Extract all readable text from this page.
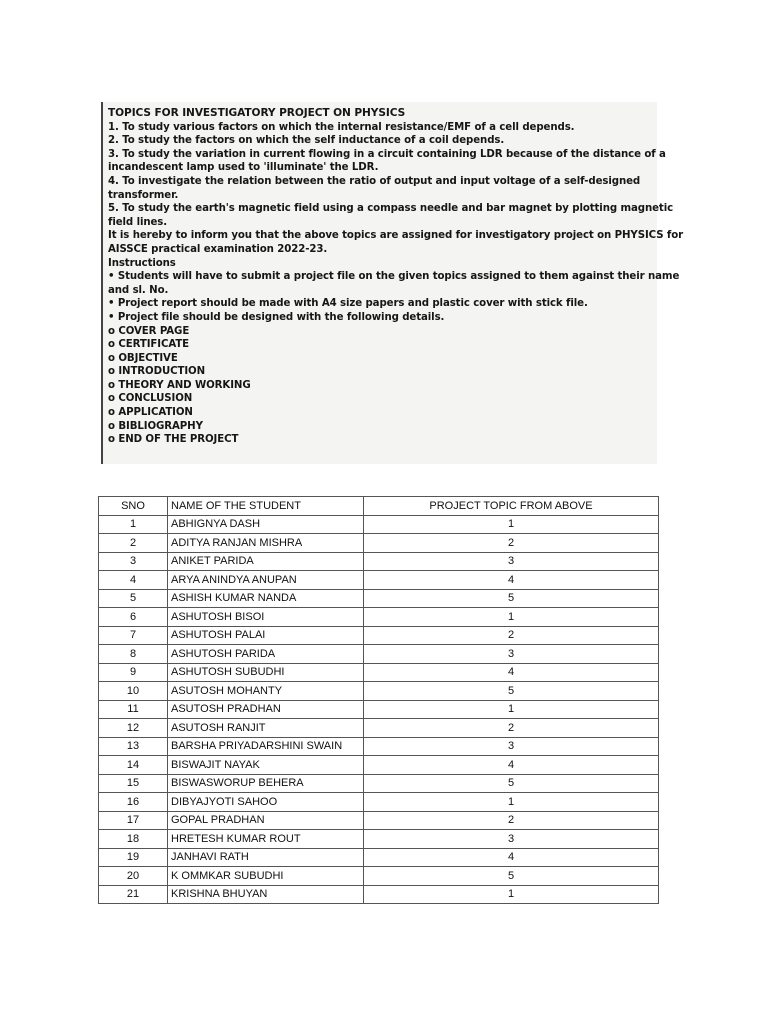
TOPICS FOR INVESTIGATORY PROJECT ON PHYSICS
1. To study various factors on which the internal resistance/EMF of a cell depends.
2. To study the factors on which the self inductance of a coil depends.
3. To study the variation in current flowing in a circuit containing LDR because of the distance of a
incandescent lamp used to 'illuminate' the LDR.
4. To investigate the relation between the ratio of output and input voltage of a self-designed
transformer.
5. To study the earth's magnetic field using a compass needle and bar magnet by plotting magnetic
field lines.
It is hereby to inform you that the above topics are assigned for investigatory project on PHYSICS for
AISSCE practical examination 2022-23.
Instructions
• Students will have to submit a project file on the given topics assigned to them against their name
and sl. No.
• Project report should be made with A4 size papers and plastic cover with stick file.
• Project file should be designed with the following details.
o COVER PAGE
o CERTIFICATE
o OBJECTIVE
o INTRODUCTION
o THEORY AND WORKING
o CONCLUSION
o APPLICATION
o BIBLIOGRAPHY
o END OF THE PROJECT
SNO	NAME OF THE STUDENT	PROJECT TOPIC FROM ABOVE
1	ABHIGNYA DASH	1
2	ADITYA RANJAN MISHRA	2
3	ANIKET PARIDA	3
4	ARYA ANINDYA ANUPAN	4
5	ASHISH KUMAR NANDA	5
6	ASHUTOSH BISOI	1
7	ASHUTOSH PALAI	2
8	ASHUTOSH PARIDA	3
9	ASHUTOSH SUBUDHI	4
10	ASUTOSH MOHANTY	5
11	ASUTOSH PRADHAN	1
12	ASUTOSH RANJIT	2
13	BARSHA PRIYADARSHINI SWAIN	3
14	BISWAJIT NAYAK	4
15	BISWASWORUP BEHERA	5
16	DIBYAJYOTI SAHOO	1
17	GOPAL PRADHAN	2
18	HRETESH KUMAR ROUT	3
19	JANHAVI RATH	4
20	K OMMKAR SUBUDHI	5
21	KRISHNA BHUYAN	1
